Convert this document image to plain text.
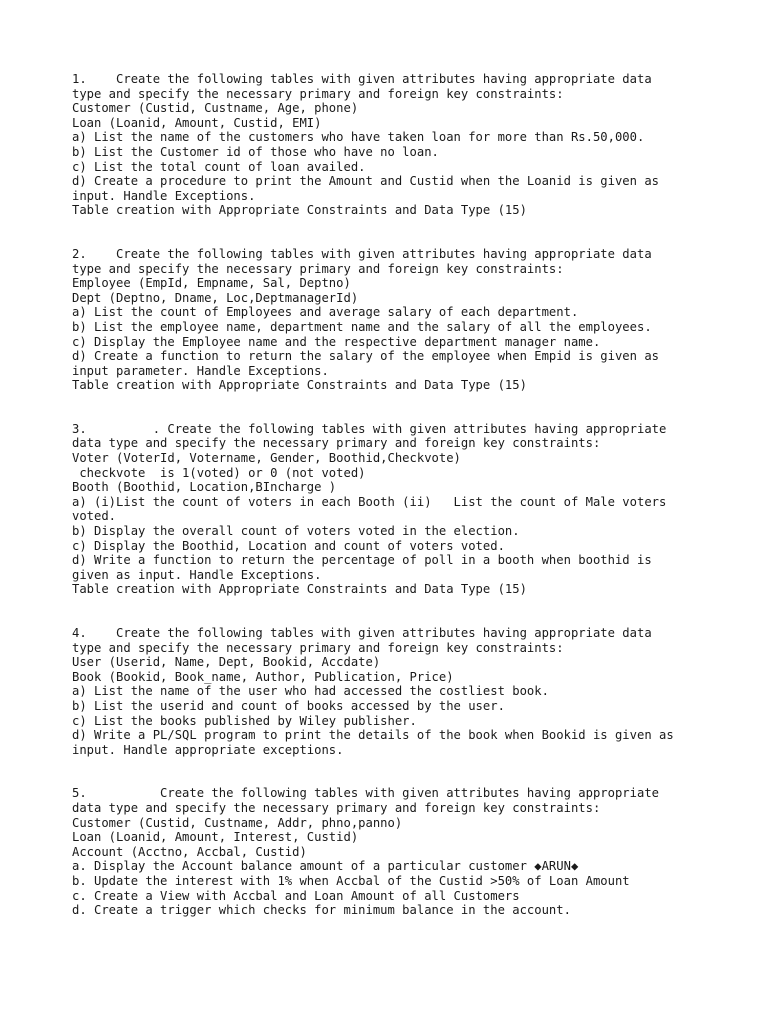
1.    Create the following tables with given attributes having appropriate data
type and specify the necessary primary and foreign key constraints:
Customer (Custid, Custname, Age, phone)
Loan (Loanid, Amount, Custid, EMI)
a) List the name of the customers who have taken loan for more than Rs.50,000.
b) List the Customer id of those who have no loan.
c) List the total count of loan availed.
d) Create a procedure to print the Amount and Custid when the Loanid is given as
input. Handle Exceptions.
Table creation with Appropriate Constraints and Data Type (15)
2.    Create the following tables with given attributes having appropriate data
type and specify the necessary primary and foreign key constraints:
Employee (EmpId, Empname, Sal, Deptno)
Dept (Deptno, Dname, Loc,DeptmanagerId)
a) List the count of Employees and average salary of each department.
b) List the employee name, department name and the salary of all the employees.
c) Display the Employee name and the respective department manager name.
d) Create a function to return the salary of the employee when Empid is given as
input parameter. Handle Exceptions.
Table creation with Appropriate Constraints and Data Type (15)
3.         . Create the following tables with given attributes having appropriate
data type and specify the necessary primary and foreign key constraints:
Voter (VoterId, Votername, Gender, Boothid,Checkvote)
checkvote  is 1(voted) or 0 (not voted)
Booth (Boothid, Location,BIncharge )
a) (i)List the count of voters in each Booth (ii)   List the count of Male voters
voted.
b) Display the overall count of voters voted in the election.
c) Display the Boothid, Location and count of voters voted.
d) Write a function to return the percentage of poll in a booth when boothid is
given as input. Handle Exceptions.
Table creation with Appropriate Constraints and Data Type (15)
4.    Create the following tables with given attributes having appropriate data
type and specify the necessary primary and foreign key constraints:
User (Userid, Name, Dept, Bookid, Accdate)
Book (Bookid, Book_name, Author, Publication, Price)
a) List the name of the user who had accessed the costliest book.
b) List the userid and count of books accessed by the user.
c) List the books published by Wiley publisher.
d) Write a PL/SQL program to print the details of the book when Bookid is given as
input. Handle appropriate exceptions.
5.          Create the following tables with given attributes having appropriate
data type and specify the necessary primary and foreign key constraints:
Customer (Custid, Custname, Addr, phno,panno)
Loan (Loanid, Amount, Interest, Custid)
Account (Acctno, Accbal, Custid)
a. Display the Account balance amount of a particular customer ◆ARUN◆
b. Update the interest with 1% when Accbal of the Custid >50% of Loan Amount
c. Create a View with Accbal and Loan Amount of all Customers
d. Create a trigger which checks for minimum balance in the account.
